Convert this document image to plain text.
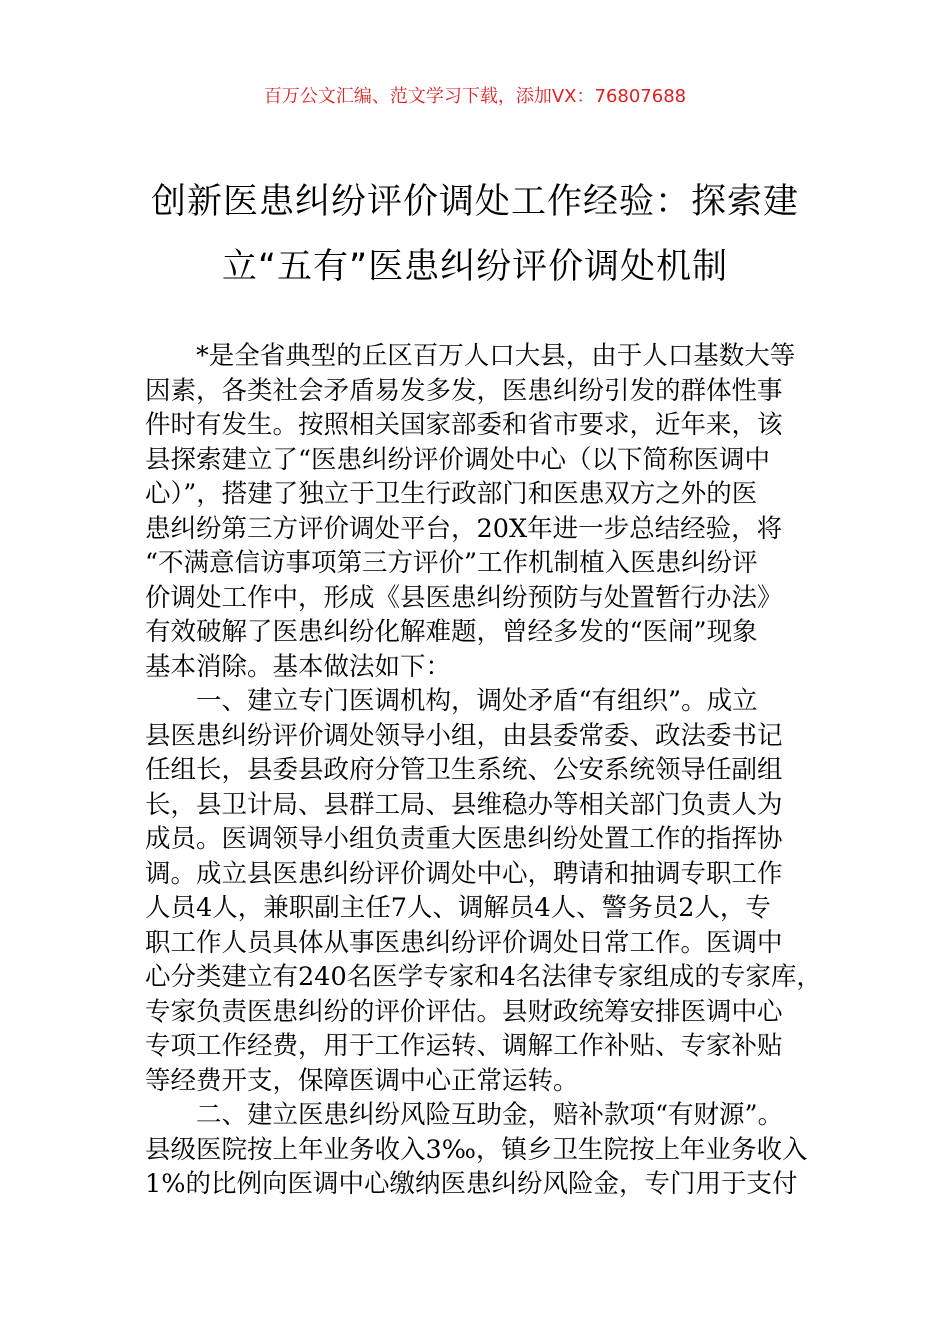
百万公文汇编、范文学习下载，添加VX：76807688
创新医患纠纷评价调处工作经验：探索建
立“五有”医患纠纷评价调处机制
*是全省典型的丘区百万人口大县，由于人口基数大等
因素，各类社会矛盾易发多发，医患纠纷引发的群体性事
件时有发生。按照相关国家部委和省市要求，近年来，该
县探索建立了“医患纠纷评价调处中心（以下简称医调中
心）”，搭建了独立于卫生行政部门和医患双方之外的医
患纠纷第三方评价调处平台，20X年进一步总结经验，将
“不满意信访事项第三方评价”工作机制植入医患纠纷评
价调处工作中，形成《县医患纠纷预防与处置暂行办法》
有效破解了医患纠纷化解难题，曾经多发的“医闹”现象
基本消除。基本做法如下：
一、建立专门医调机构，调处矛盾“有组织”。成立
县医患纠纷评价调处领导小组，由县委常委、政法委书记
任组长，县委县政府分管卫生系统、公安系统领导任副组
长，县卫计局、县群工局、县维稳办等相关部门负责人为
成员。医调领导小组负责重大医患纠纷处置工作的指挥协
调。成立县医患纠纷评价调处中心，聘请和抽调专职工作
人员4人，兼职副主任7人、调解员4人、警务员2人，专
职工作人员具体从事医患纠纷评价调处日常工作。医调中
心分类建立有240名医学专家和4名法律专家组成的专家库，
专家负责医患纠纷的评价评估。县财政统筹安排医调中心
专项工作经费，用于工作运转、调解工作补贴、专家补贴
等经费开支，保障医调中心正常运转。
二、建立医患纠纷风险互助金，赔补款项“有财源”。
县级医院按上年业务收入3‰，镇乡卫生院按上年业务收入
1%的比例向医调中心缴纳医患纠纷风险金，专门用于支付
